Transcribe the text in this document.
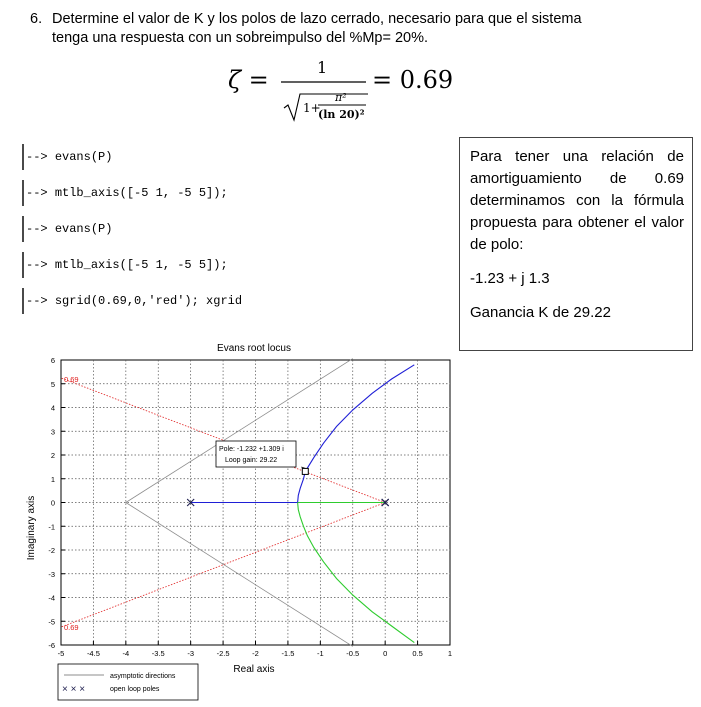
6. Determine el valor de K y los polos de lazo cerrado, necesario para que el sistema
tenga una respuesta con un sobreimpulso del %Mp= 20%.
ζ =	1
1+
π²
(ln 20)²
= 0.69
--> evans(P)
--> mtlb_axis([-5 1, -5 5]);
--> evans(P)
--> mtlb_axis([-5 1, -5 5]);
--> sgrid(0.69,0,'red'); xgrid

Para tener una relación de amortiguamiento de 0.69 determinamos con la fórmula propuesta para obtener el valor de polo:

-1.23 + j 1.3

Ganancia K de 29.22

Evans root locus
Imaginary axis
Real axis
-5	-4.5	-4	-3.5	-3	-2.5	-2	-1.5	-1	-0.5	0	0.5	1
6
5
4
3
2
1
0
-1
-2
-3
-4
-5
-6
0.69
0.69
Pole: -1.232 +1.309 i
Loop gain: 29.22
asymptotic directions
× × ×	open loop poles
